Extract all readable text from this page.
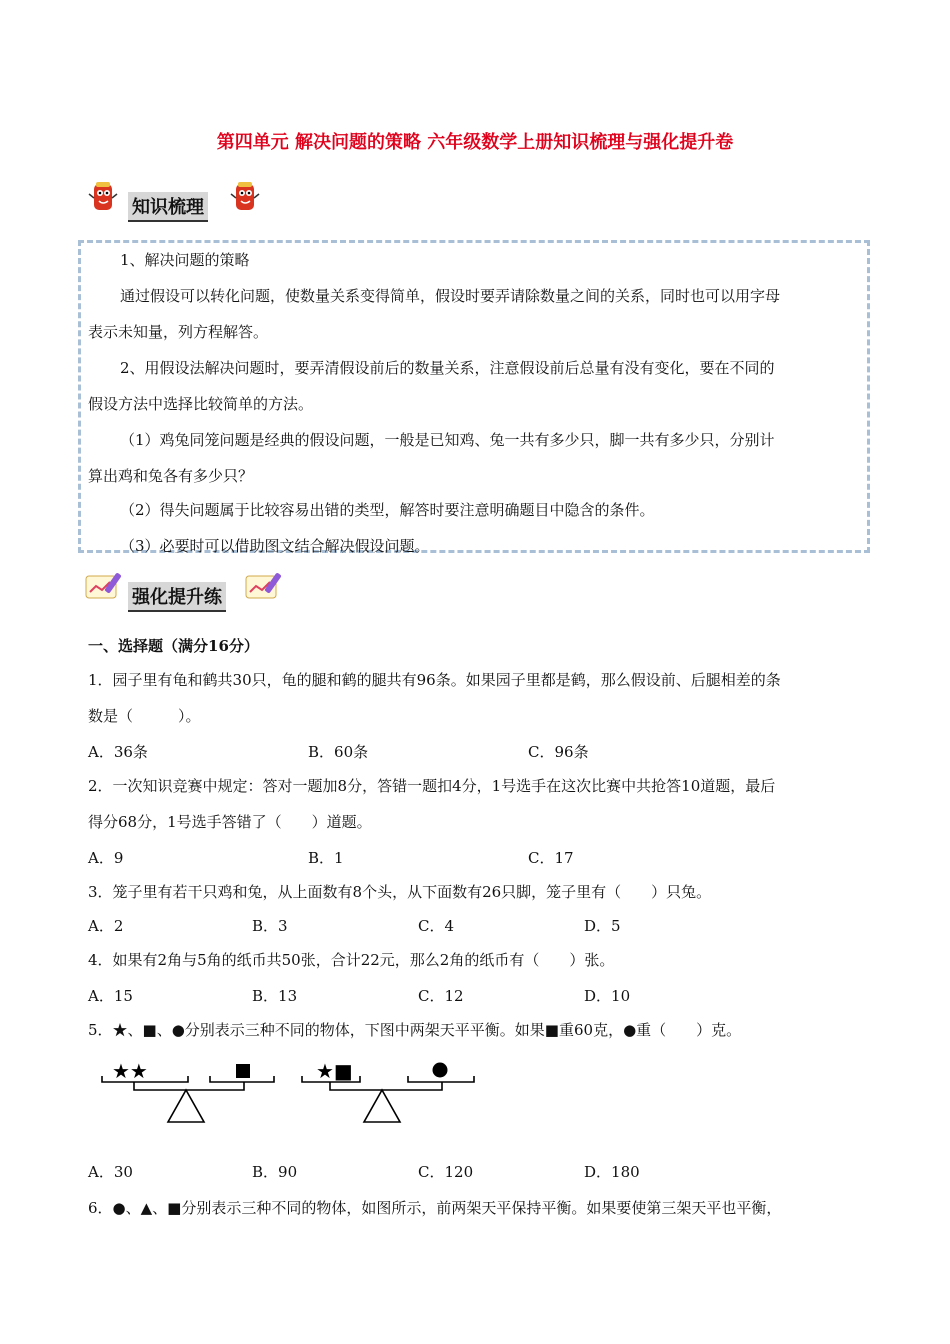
第四单元 解决问题的策略 六年级数学上册知识梳理与强化提升卷
知识梳理
1、解决问题的策略
通过假设可以转化问题，使数量关系变得简单，假设时要弄请除数量之间的关系，同时也可以用字母
表示未知量，列方程解答。
2、用假设法解决问题时，要弄清假设前后的数量关系，注意假设前后总量有没有变化，要在不同的
假设方法中选择比较简单的方法。
（1）鸡兔同笼问题是经典的假设问题，一般是已知鸡、兔一共有多少只，脚一共有多少只，分别计
算出鸡和兔各有多少只？
（2）得失问题属于比较容易出错的类型，解答时要注意明确题目中隐含的条件。
（3）必要时可以借助图文结合解决假设问题。
强化提升练
一、选择题（满分16分）
1．园子里有龟和鹤共30只，龟的腿和鹤的腿共有96条。如果园子里都是鹤，那么假设前、后腿相差的条
数是（　　　）。
A．36条	B．60条	C．96条
2．一次知识竞赛中规定：答对一题加8分，答错一题扣4分，1号选手在这次比赛中共抢答10道题，最后
得分68分，1号选手答错了（　　）道题。
A．9	B．1	C．17
3．笼子里有若干只鸡和兔，从上面数有8个头，从下面数有26只脚，笼子里有（　　）只兔。
A．2	B．3	C．4	D．5
4．如果有2角与5角的纸币共50张，合计22元，那么2角的纸币有（　　）张。
A．15	B．13	C．12	D．10
5．★、■、●分别表示三种不同的物体，下图中两架天平平衡。如果■重60克，●重（　　）克。
★★	★■
A．30	B．90	C．120	D．180
6．●、▲、■分别表示三种不同的物体，如图所示，前两架天平保持平衡。如果要使第三架天平也平衡，
